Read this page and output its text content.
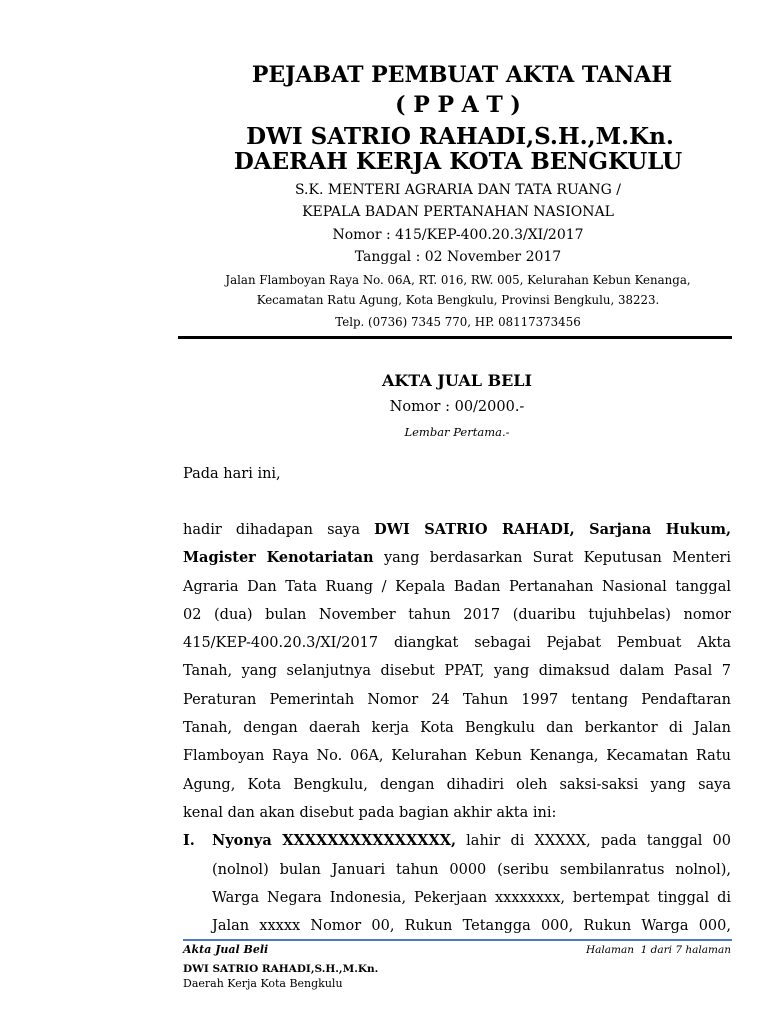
PEJABAT PEMBUAT AKTA TANAH
( P P A T )
DWI SATRIO RAHADI,S.H.,M.Kn.
DAERAH KERJA KOTA BENGKULU
S.K. MENTERI AGRARIA DAN TATA RUANG /
KEPALA BADAN PERTANAHAN NASIONAL
Nomor : 415/KEP-400.20.3/XI/2017
Tanggal : 02 November 2017
Jalan Flamboyan Raya No. 06A, RT. 016, RW. 005, Kelurahan Kebun Kenanga,
Kecamatan Ratu Agung, Kota Bengkulu, Provinsi Bengkulu, 38223.
Telp. (0736) 7345 770, HP. 08117373456
AKTA JUAL BELI
Nomor : 00/2000.-
Lembar Pertama.-
Pada hari ini,
hadir dihadapan saya DWI SATRIO RAHADI, Sarjana Hukum,
Magister Kenotariatan yang berdasarkan Surat Keputusan Menteri
Agraria Dan Tata Ruang / Kepala Badan Pertanahan Nasional tanggal
02 (dua) bulan November tahun 2017 (duaribu tujuhbelas) nomor
415/KEP-400.20.3/XI/2017 diangkat sebagai Pejabat Pembuat Akta
Tanah, yang selanjutnya disebut PPAT, yang dimaksud dalam Pasal 7
Peraturan Pemerintah Nomor 24 Tahun 1997 tentang Pendaftaran
Tanah, dengan daerah kerja Kota Bengkulu dan berkantor di Jalan
Flamboyan Raya No. 06A, Kelurahan Kebun Kenanga, Kecamatan Ratu
Agung, Kota Bengkulu, dengan dihadiri oleh saksi-saksi yang saya
kenal dan akan disebut pada bagian akhir akta ini:
I. Nyonya XXXXXXXXXXXXXXX, lahir di XXXXX, pada tanggal 00
(nolnol) bulan Januari tahun 0000 (seribu sembilanratus nolnol),
Warga Negara Indonesia, Pekerjaan xxxxxxxx, bertempat tinggal di
Jalan xxxxx Nomor 00, Rukun Tetangga 000, Rukun Warga 000,
Akta Jual Beli	Halaman  1 dari 7 halaman
DWI SATRIO RAHADI,S.H.,M.Kn.
Daerah Kerja Kota Bengkulu
